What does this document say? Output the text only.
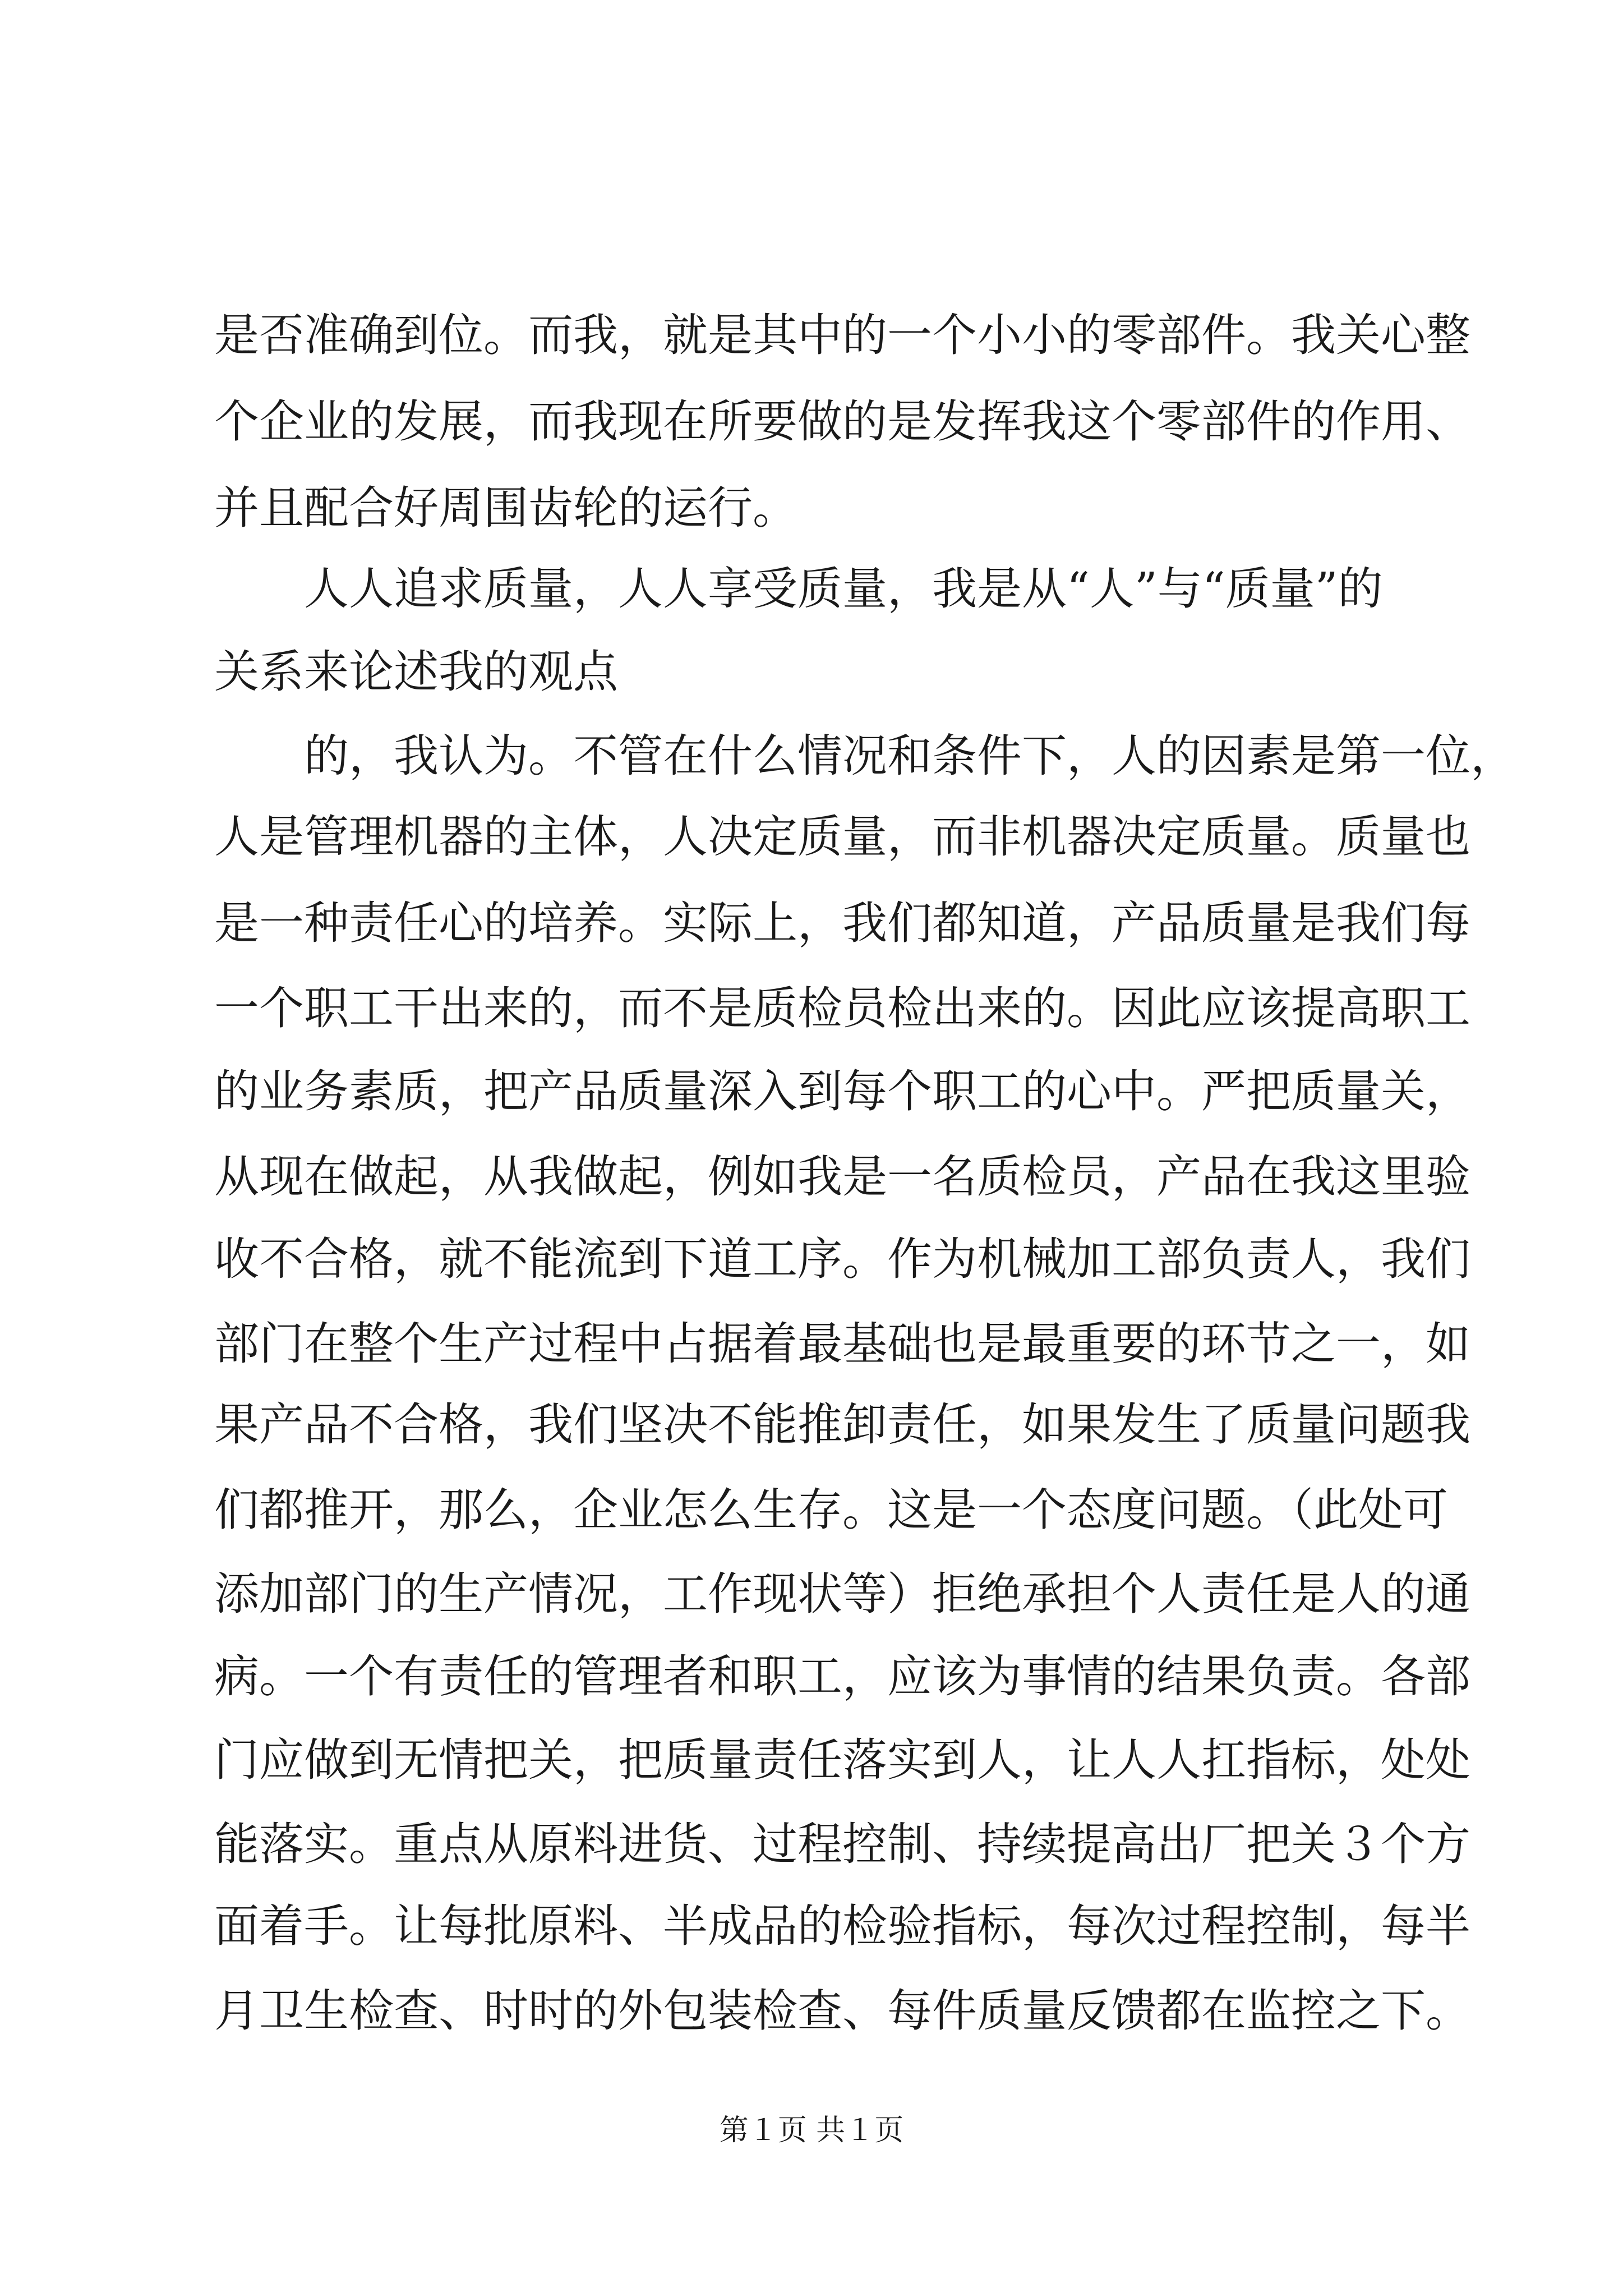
是否准确到位。而我，就是其中的一个小小的零部件。我关心整
个企业的发展，而我现在所要做的是发挥我这个零部件的作用、
并且配合好周围齿轮的运行。
人人追求质量，人人享受质量，我是从“人”与“质量”的
关系来论述我的观点
的，我认为。不管在什么情况和条件下，人的因素是第一位，
人是管理机器的主体，人决定质量，而非机器决定质量。质量也
是一种责任心的培养。实际上，我们都知道，产品质量是我们每
一个职工干出来的，而不是质检员检出来的。因此应该提高职工
的业务素质，把产品质量深入到每个职工的心中。严把质量关，
从现在做起，从我做起，例如我是一名质检员，产品在我这里验
收不合格，就不能流到下道工序。作为机械加工部负责人，我们
部门在整个生产过程中占据着最基础也是最重要的环节之一，如
果产品不合格，我们坚决不能推卸责任，如果发生了质量问题我
们都推开，那么，企业怎么生存。这是一个态度问题。（此处可
添加部门的生产情况，工作现状等）拒绝承担个人责任是人的通
病。一个有责任的管理者和职工，应该为事情的结果负责。各部
门应做到无情把关，把质量责任落实到人，让人人扛指标，处处
能落实。重点从原料进货、过程控制、持续提高出厂把关３个方
面着手。让每批原料、半成品的检验指标，每次过程控制，每半
月卫生检查、时时的外包装检查、每件质量反馈都在监控之下。
第１页 共１页
